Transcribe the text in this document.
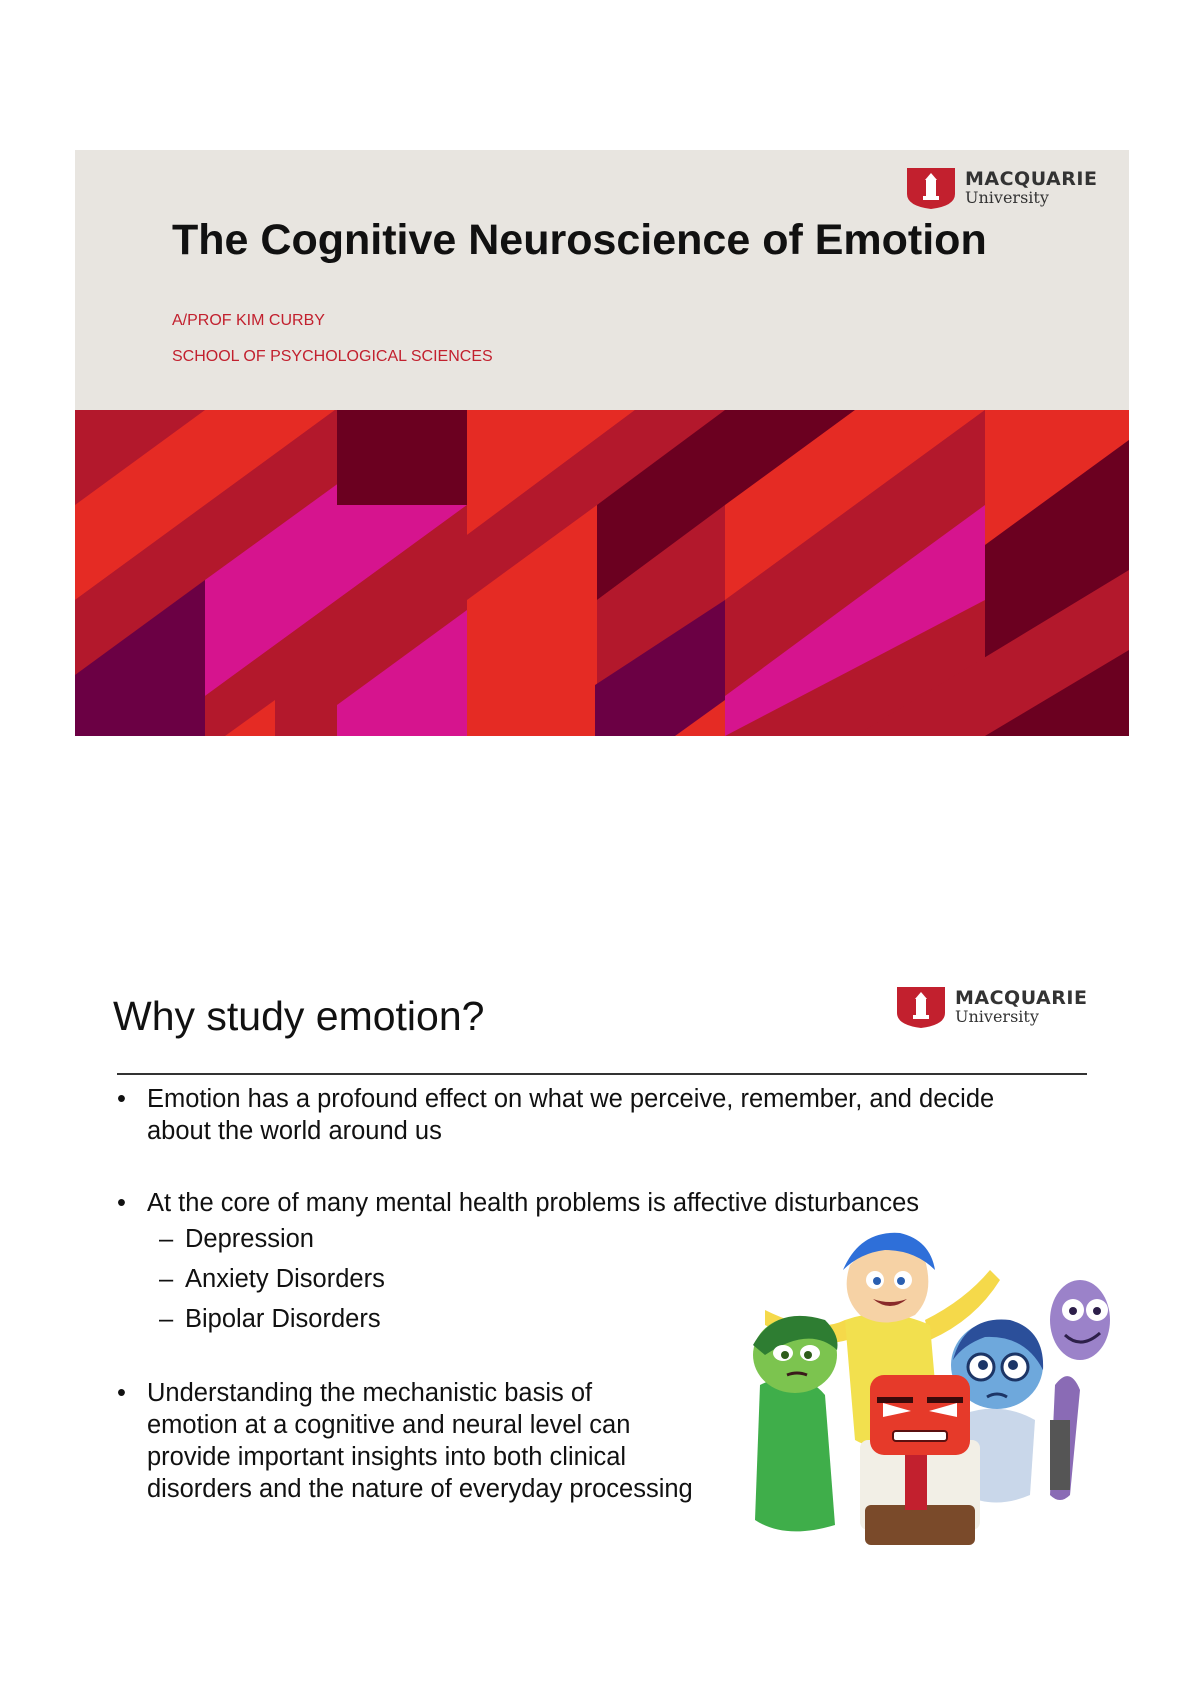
MACQUARIE
University
The Cognitive Neuroscience of Emotion
A/PROF KIM CURBY
SCHOOL OF PSYCHOLOGICAL SCIENCES
Why study emotion?	MACQUARIE
University
• Emotion has a profound effect on what we perceive, remember, and decide about the world around us
• At the core of many mental health problems is affective disturbances
– Depression
– Anxiety Disorders
– Bipolar Disorders
• Understanding the mechanistic basis of
emotion at a cognitive and neural level can
provide important insights into both clinical
disorders and the nature of everyday processing
